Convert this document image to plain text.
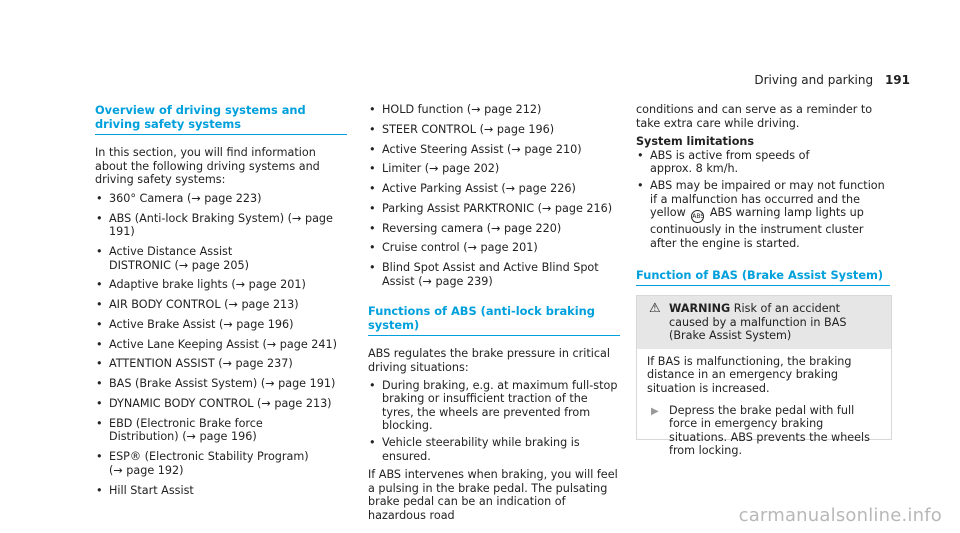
Driving and parking 191
Overview of driving systems and driving safety systems

In this section, you will find information about the following driving systems and driving safety systems:

• 360° Camera (→ page 223)
• ABS (Anti-lock Braking System) (→ page 191)
• Active Distance Assist DISTRONIC (→ page 205)
• Adaptive brake lights (→ page 201)
• AIR BODY CONTROL (→ page 213)
• Active Brake Assist (→ page 196)
• Active Lane Keeping Assist (→ page 241)
• ATTENTION ASSIST (→ page 237)
• BAS (Brake Assist System) (→ page 191)
• DYNAMIC BODY CONTROL (→ page 213)
• EBD (Electronic Brake force Distribution) (→ page 196)
• ESP® (Electronic Stability Program) (→ page 192)
• Hill Start Assist
• HOLD function (→ page 212)
• STEER CONTROL (→ page 196)
• Active Steering Assist (→ page 210)
• Limiter (→ page 202)
• Active Parking Assist (→ page 226)
• Parking Assist PARKTRONIC (→ page 216)
• Reversing camera (→ page 220)
• Cruise control (→ page 201)
• Blind Spot Assist and Active Blind Spot Assist (→ page 239)
Functions of ABS (anti-lock braking system)

ABS regulates the brake pressure in critical driving situations:

• During braking, e.g. at maximum full-stop braking or insufficient traction of the tyres, the wheels are prevented from blocking.
• Vehicle steerability while braking is ensured.

If ABS intervenes when braking, you will feel a pulsing in the brake pedal. The pulsating brake pedal can be an indication of hazardous road

conditions and can serve as a reminder to take extra care while driving.

System limitations

• ABS is active from speeds of approx. 8 km/h.
• ABS may be impaired or may not function if a malfunction has occurred and the yellow ABS ABS warning lamp lights up continuously in the instrument cluster after the engine is started.
Function of BAS (Brake Assist System)
⚠ WARNING Risk of an accident caused by a malfunction in BAS (Brake Assist System)

If BAS is malfunctioning, the braking distance in an emergency braking situation is increased.

▶ Depress the brake pedal with full force in emergency braking situations. ABS prevents the wheels from locking.
carmanualsonline.info
